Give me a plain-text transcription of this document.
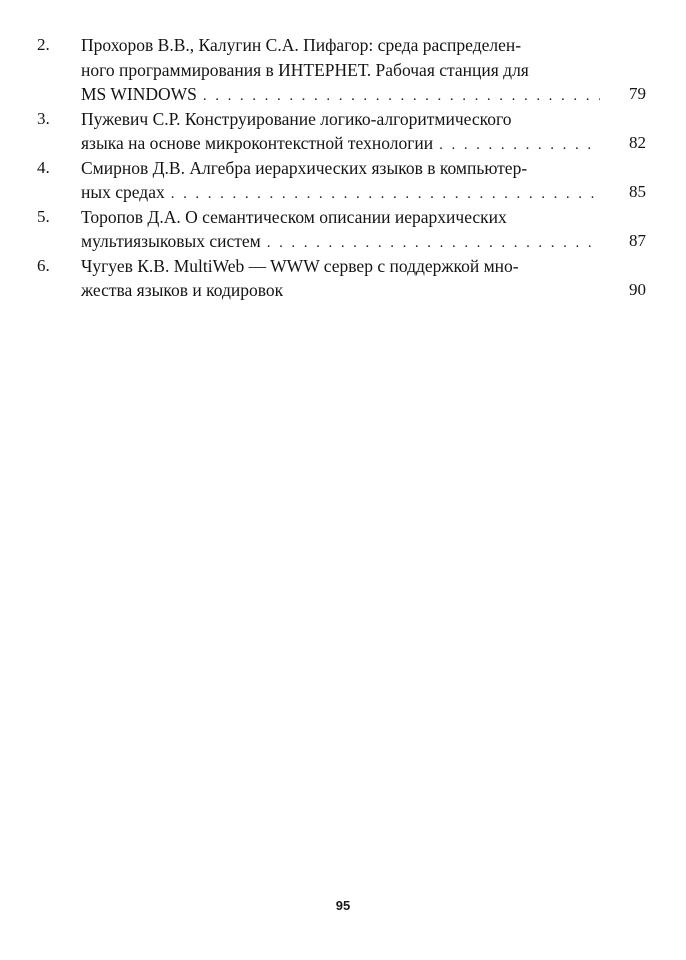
2. Прохоров В.В., Калугин С.А. Пифагор: среда распределен-
ного программирования в ИНТЕРНЕТ. Рабочая станция для
MS WINDOWS .....	79
3. Пужевич С.Р. Конструирование логико-алгоритмического
языка на основе микроконтекстной технологии .....	82
4. Смирнов Д.В. Алгебра иерархических языков в компьютер-
ных средах .....	85
5. Торопов Д.А. О семантическом описании иерархических
мультиязыковых систем .....	87
6. Чугуев К.В. MultiWeb — WWW сервер с поддержкой мно-
жества языков и кодировок	90
95
